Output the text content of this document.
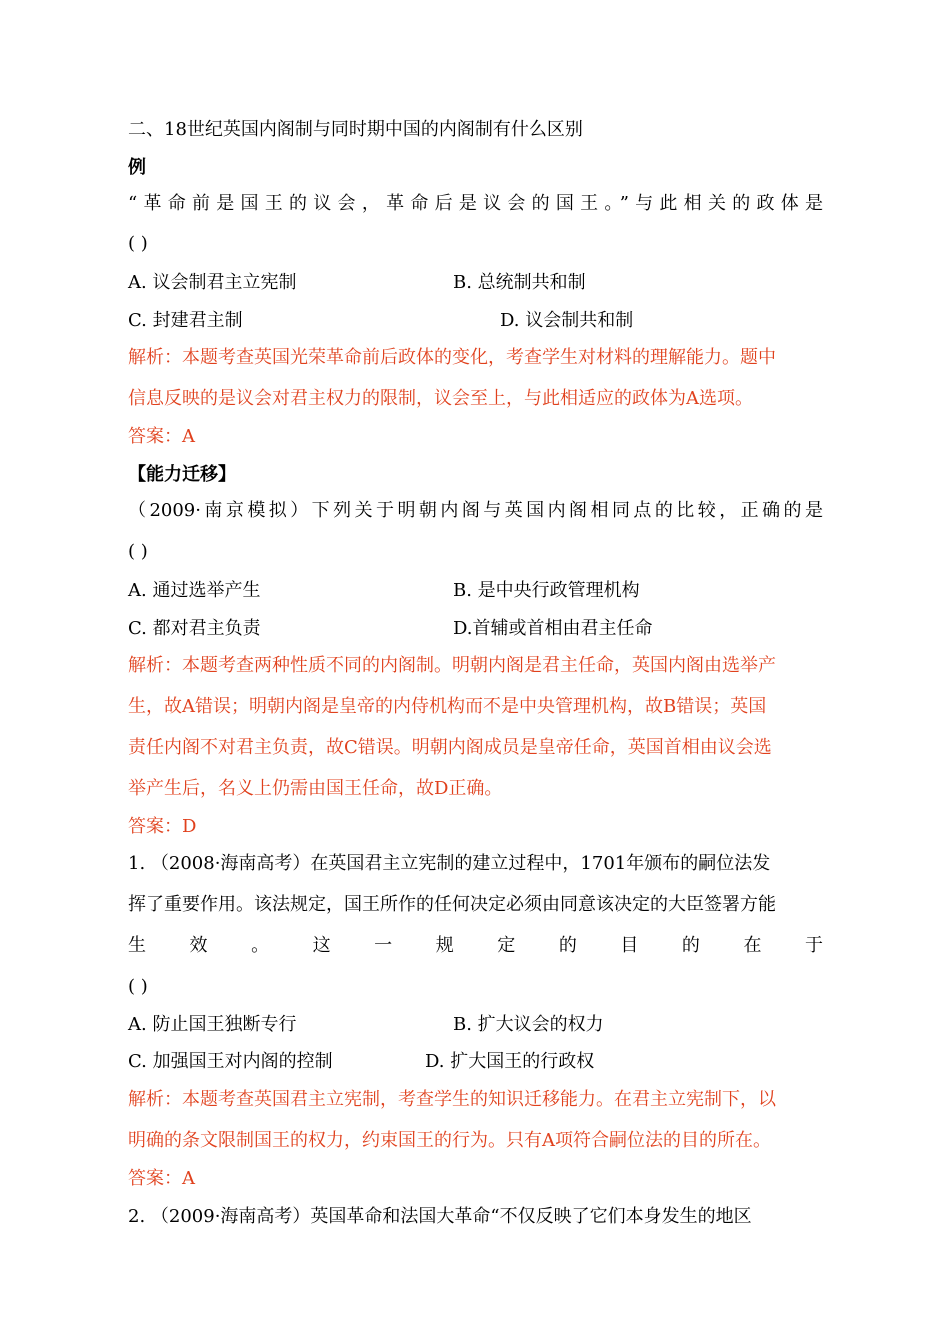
二、18世纪英国内阁制与同时期中国的内阁制有什么区别
例
“革命前是国王的议会，革命后是议会的国王。”与此相关的政体是
( )
A. 议会制君主立宪制	B. 总统制共和制
C. 封建君主制	D. 议会制共和制
解析：本题考查英国光荣革命前后政体的变化，考查学生对材料的理解能力。题中
信息反映的是议会对君主权力的限制，议会至上，与此相适应的政体为A选项。
答案：A
【能力迁移】
（2009·南京模拟）下列关于明朝内阁与英国内阁相同点的比较，正确的是
( )
A. 通过选举产生	B. 是中央行政管理机构
C. 都对君主负责	D.首辅或首相由君主任命
解析：本题考查两种性质不同的内阁制。明朝内阁是君主任命，英国内阁由选举产
生，故A错误；明朝内阁是皇帝的内侍机构而不是中央管理机构，故B错误；英国
责任内阁不对君主负责，故C错误。明朝内阁成员是皇帝任命，英国首相由议会选
举产生后，名义上仍需由国王任命，故D正确。
答案：D
1. （2008·海南高考）在英国君主立宪制的建立过程中，1701年颁布的嗣位法发
挥了重要作用。该法规定，国王所作的任何决定必须由同意该决定的大臣签署方能
生 效 。 这 一 规 定 的 目 的 在 于
( )
A. 防止国王独断专行	B. 扩大议会的权力
C. 加强国王对内阁的控制	D. 扩大国王的行政权
解析：本题考查英国君主立宪制，考查学生的知识迁移能力。在君主立宪制下，以
明确的条文限制国王的权力，约束国王的行为。只有A项符合嗣位法的目的所在。
答案：A
2. （2009·海南高考）英国革命和法国大革命“不仅反映了它们本身发生的地区
